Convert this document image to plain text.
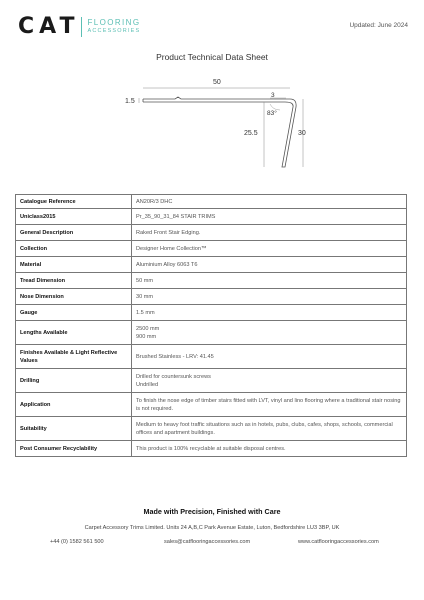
CAT FLOORING
ACCESSORIES
Updated: June 2024
Product Technical Data Sheet
50
1.5
3
83°
25.5	30
Catalogue Reference	AN20R/3 DHC
Uniclass2015	Pr_35_90_31_84 STAIR TRIMS
General Description	Raked Front Stair Edging.
Collection	Designer Home Collection™
Material	Aluminium Alloy 6063 T6
Tread Dimension	50 mm
Nose Dimension	30 mm
Gauge	1.5 mm
Lengths Available	2500 mm
900 mm

Finishes Available & Light Reflective Values	Brushed Stainless - LRV: 41.45
Drilling	Drilled for countersunk screws
Undrilled

Application	To finish the nose edge of timber stairs fitted with LVT, vinyl and lino flooring where a traditional stair nosing is not required.
Suitability	Medium to heavy foot traffic situations such as in hotels, pubs, clubs, cafes, shops, schools, commercial offices and apartment buildings.
Post Consumer Recyclability	This product is 100% recyclable at suitable disposal centres.
Made with Precision, Finished with Care
Carpet Accessory Trims Limited. Units 24 A,B,C Park Avenue Estate, Luton, Bedfordshire LU3 3BP, UK
+44 (0) 1582 561 500	sales@catflooringaccessories.com	www.catflooringaccessories.com
